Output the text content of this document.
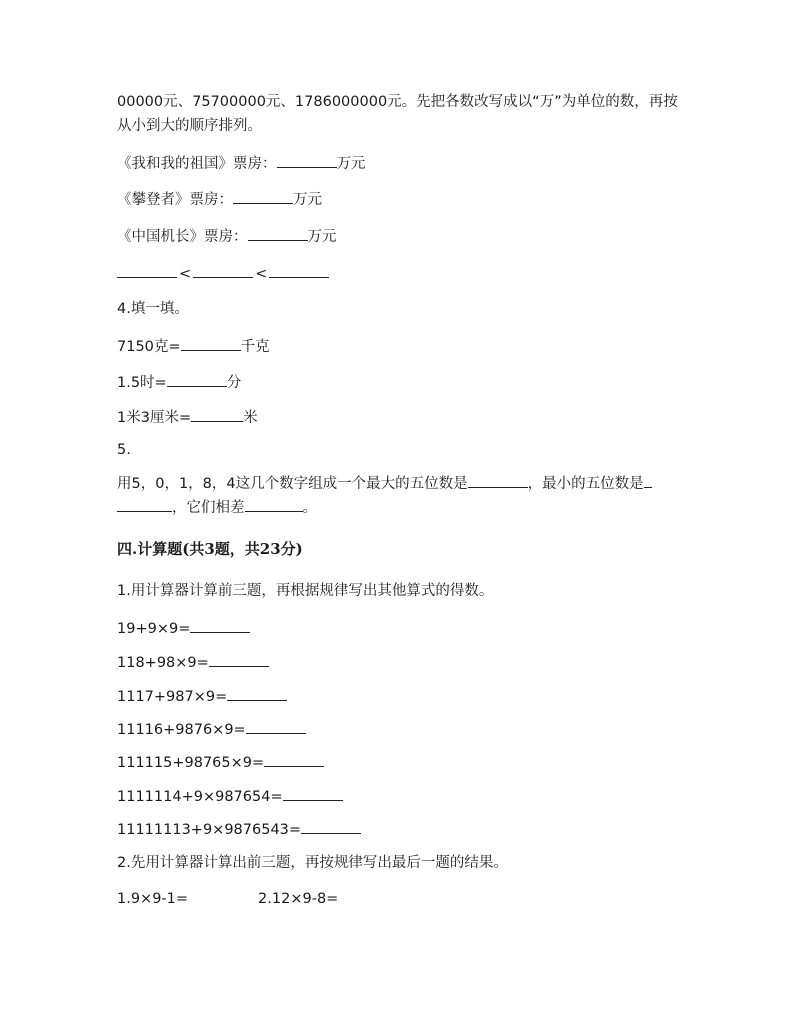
00000元、75700000元、1786000000元。先把各数改写成以“万”为单位的数，再按
从小到大的顺序排列。
《我和我的祖国》票房：	万元
《攀登者》票房：	万元
《中国机长》票房：	万元
<	<
4.填一填。
7150克=	千克
1.5时=	分
1米3厘米=	米
5.
用5，0，1，8，4这几个数字组成一个最大的五位数是	，最小的五位数是
，它们相差	。
四.计算题(共3题，共23分)
1.用计算器计算前三题，再根据规律写出其他算式的得数。
19+9×9=
118+98×9=
1117+987×9=
11116+9876×9=
111115+98765×9=
1111114+9×987654=
11111113+9×9876543=
2.先用计算器计算出前三题，再按规律写出最后一题的结果。
1.9×9-1=	2.12×9-8=
